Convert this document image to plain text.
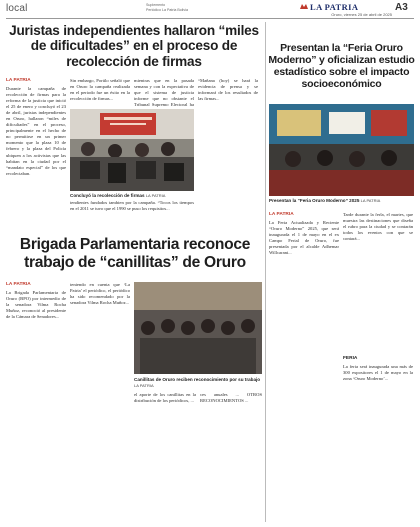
local	Suplemento
Periódico La Patria Bolivia	LA PATRIA
Oruro, viernes 25 de abril de 2025
A3
Juristas independientes hallaron “miles de dificultades” en el proceso de recolección de firmas
LA PATRIA

Durante la campaña de recolección de firmas para la reforma de la justicia que inició el 25 de enero y concluyó el 23 de abril, juristas independientes en Oruro, hallaron “miles de dificultades” en el proceso, principalmente en el hecho de no permitirse en un primer momento que la plaza 10 de febrero y la plaza del Policía ubiquen a los activistas que las habitan en la ciudad por el “mandato especial” de los que recolectaban.

Sin embargo, Portilo señaló que en Oruro la campaña realizada en el periodo fue un éxito en la recolección de firmas...

mientras que en la pasada semana y con la expectativa de que el sistema de justicia informe que no obstante el Tribunal Supremo Electoral ha

“Mañana (hoy) se hará la evidencia de prensa y se informará de los resultados de las firmas...

Concluyó la recolección de firmas LA PATRIA

tendientes fundados tambien por la campaña. “Tocos los tiempos en el 2011 se tuvo que el 1990 se puso los requisitos...

Presentan la “Feria Oruro Moderno” y oficializan estudio estadístico sobre el impacto socioeconómico
Presentan la “Feria Oruro Moderno” 2025 LA PATRIA
LA PATRIA

La Feria Actualizada y Reciente “Oruro Moderno” 2025, que será inaugurada el 1 de mayo en el ex Campo Ferial de Oruro, fue presentada por el alcalde Adhemar Willcarani...

Tarde durante la ferla, el martes, que muestra las destinaciones que diseña el rubro para la ciudad y se contarán todos los eventos con que se contará...

FERIA

La feria será inaugurada una más de 300 expositores el 1 de mayo en la zona ‘Oruro Moderno’...

Brigada Parlamentaria reconoce trabajo de “canillitas” de Oruro
LA PATRIA

La Brigada Parlamentaria de Oruro (BPO) por intermedio de la senadora Vilma Rocha Muñoz, reconoció al presidente de la Cámara de Senadores...

teniendo en cuenta que ‘La Patria’ el periódico, el periódico ha sido recomendado por la senadora Vilma Rocha Muñoz...

Canillitas de Oruro reciben reconocimiento por su trabajo LA PATRIA

el aporte de los canillitas en la distribución de los periódicos, ...

ces anuales ... OTROS RECONOCIMIENTOS ...
